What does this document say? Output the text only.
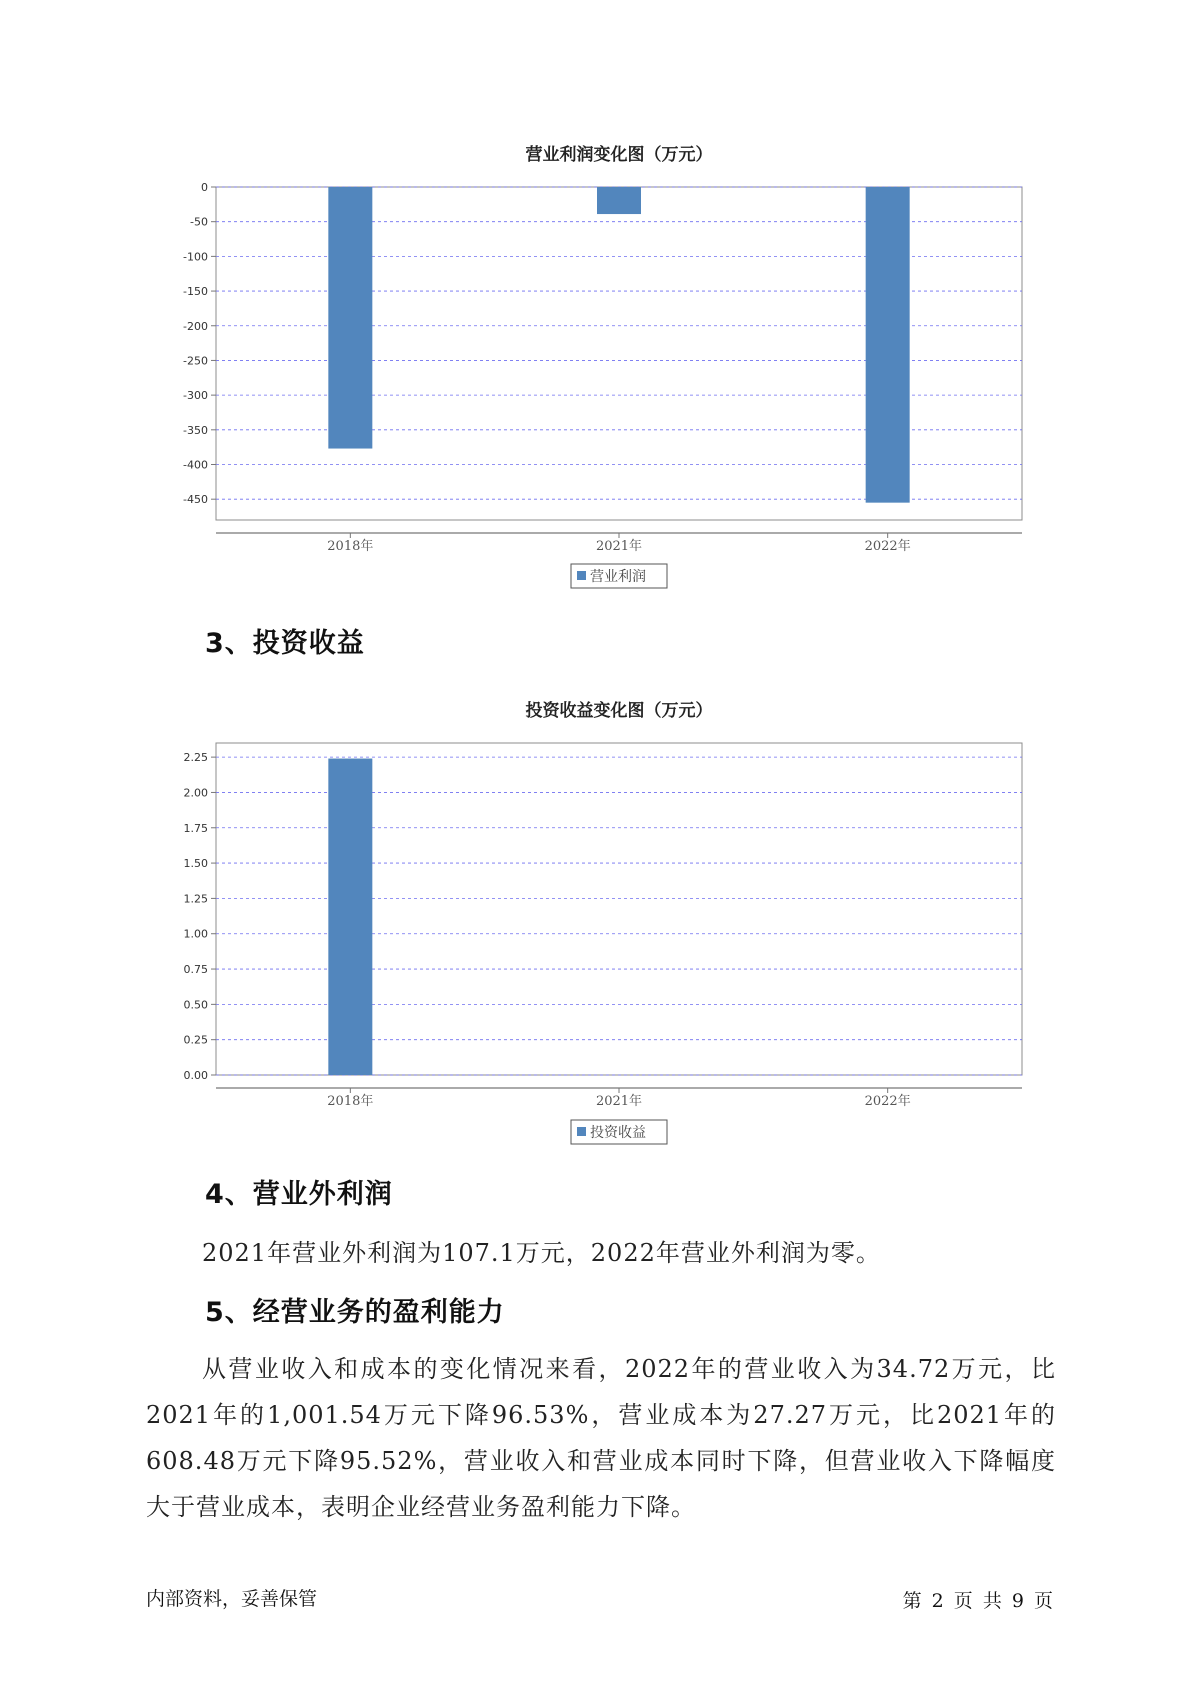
营业利润变化图（万元）
0
-50
-100
-150
-200
-250
-300
-350
-400
-450
2018年	2021年	2022年
营业利润
3、投资收益
投资收益变化图（万元）
0.00
0.25
0.50
0.75
1.00
1.25
1.50
1.75
2.00
2.25
2018年	2021年	2022年
投资收益
4、营业外利润

2021年营业外利润为107.1万元，2022年营业外利润为零。

5、经营业务的盈利能力

从营业收入和成本的变化情况来看，2022年的营业收入为34.72万元，比2021年的1,001.54万元下降96.53%，营业成本为27.27万元，比2021年的608.48万元下降95.52%，营业收入和营业成本同时下降，但营业收入下降幅度大于营业成本，表明企业经营业务盈利能力下降。

内部资料，妥善保管	第 2 页 共 9 页
